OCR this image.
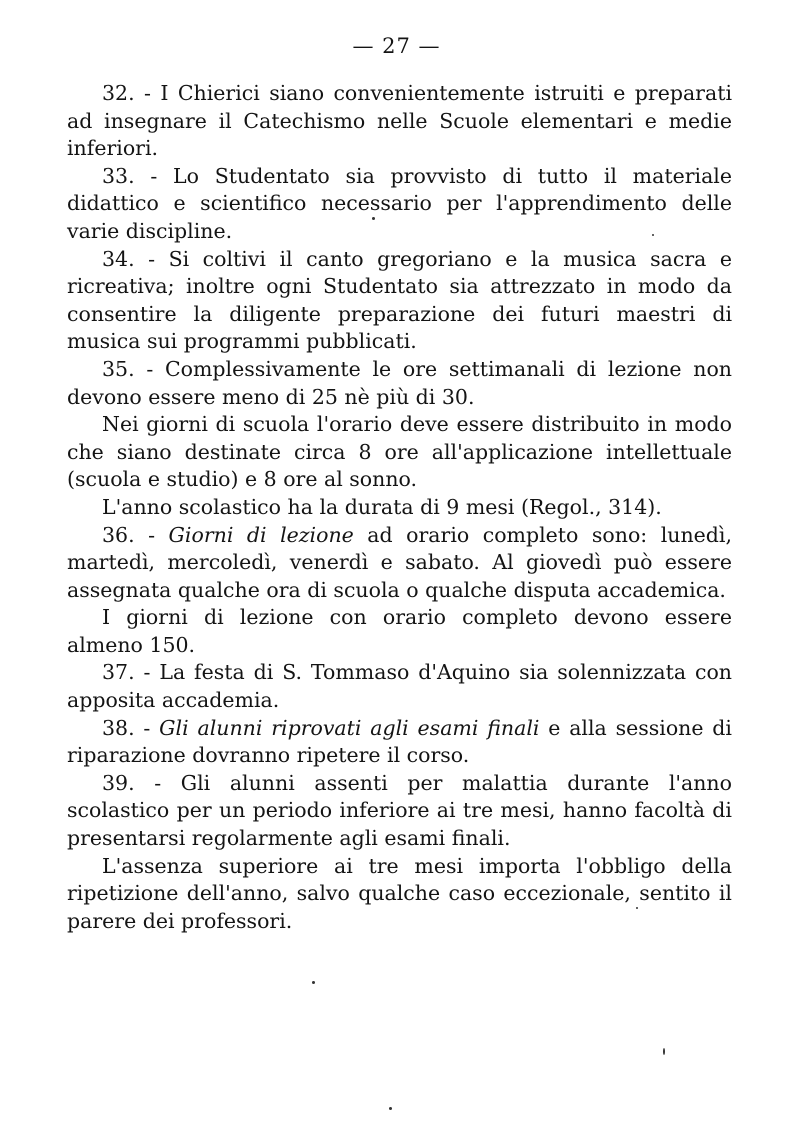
— 27 —

32. - I Chierici siano convenientemente istruiti e preparati ad insegnare il Catechismo nelle Scuole elementari e medie inferiori.

33. - Lo Studentato sia provvisto di tutto il materiale didattico e scientifico necessario per l'apprendimento delle varie discipline.

34. - Si coltivi il canto gregoriano e la musica sacra e ricreativa; inoltre ogni Studentato sia attrezzato in modo da consentire la diligente preparazione dei futuri maestri di musica sui programmi pubblicati.

35. - Complessivamente le ore settimanali di lezione non devono essere meno di 25 nè più di 30.

Nei giorni di scuola l'orario deve essere distribuito in modo che siano destinate circa 8 ore all'applicazione intellettuale (scuola e studio) e 8 ore al sonno.

L'anno scolastico ha la durata di 9 mesi (Regol., 314).

36. - Giorni di lezione ad orario completo sono: lunedì, martedì, mercoledì, venerdì e sabato. Al giovedì può essere assegnata qualche ora di scuola o qualche disputa accademica.

I giorni di lezione con orario completo devono essere almeno 150.

37. - La festa di S. Tommaso d'Aquino sia solennizzata con apposita accademia.

38. - Gli alunni riprovati agli esami finali e alla sessione di riparazione dovranno ripetere il corso.

39. - Gli alunni assenti per malattia durante l'anno scolastico per un periodo inferiore ai tre mesi, hanno facoltà di presentarsi regolarmente agli esami finali.

L'assenza superiore ai tre mesi importa l'obbligo della ripetizione dell'anno, salvo qualche caso eccezionale, sentito il parere dei professori.
